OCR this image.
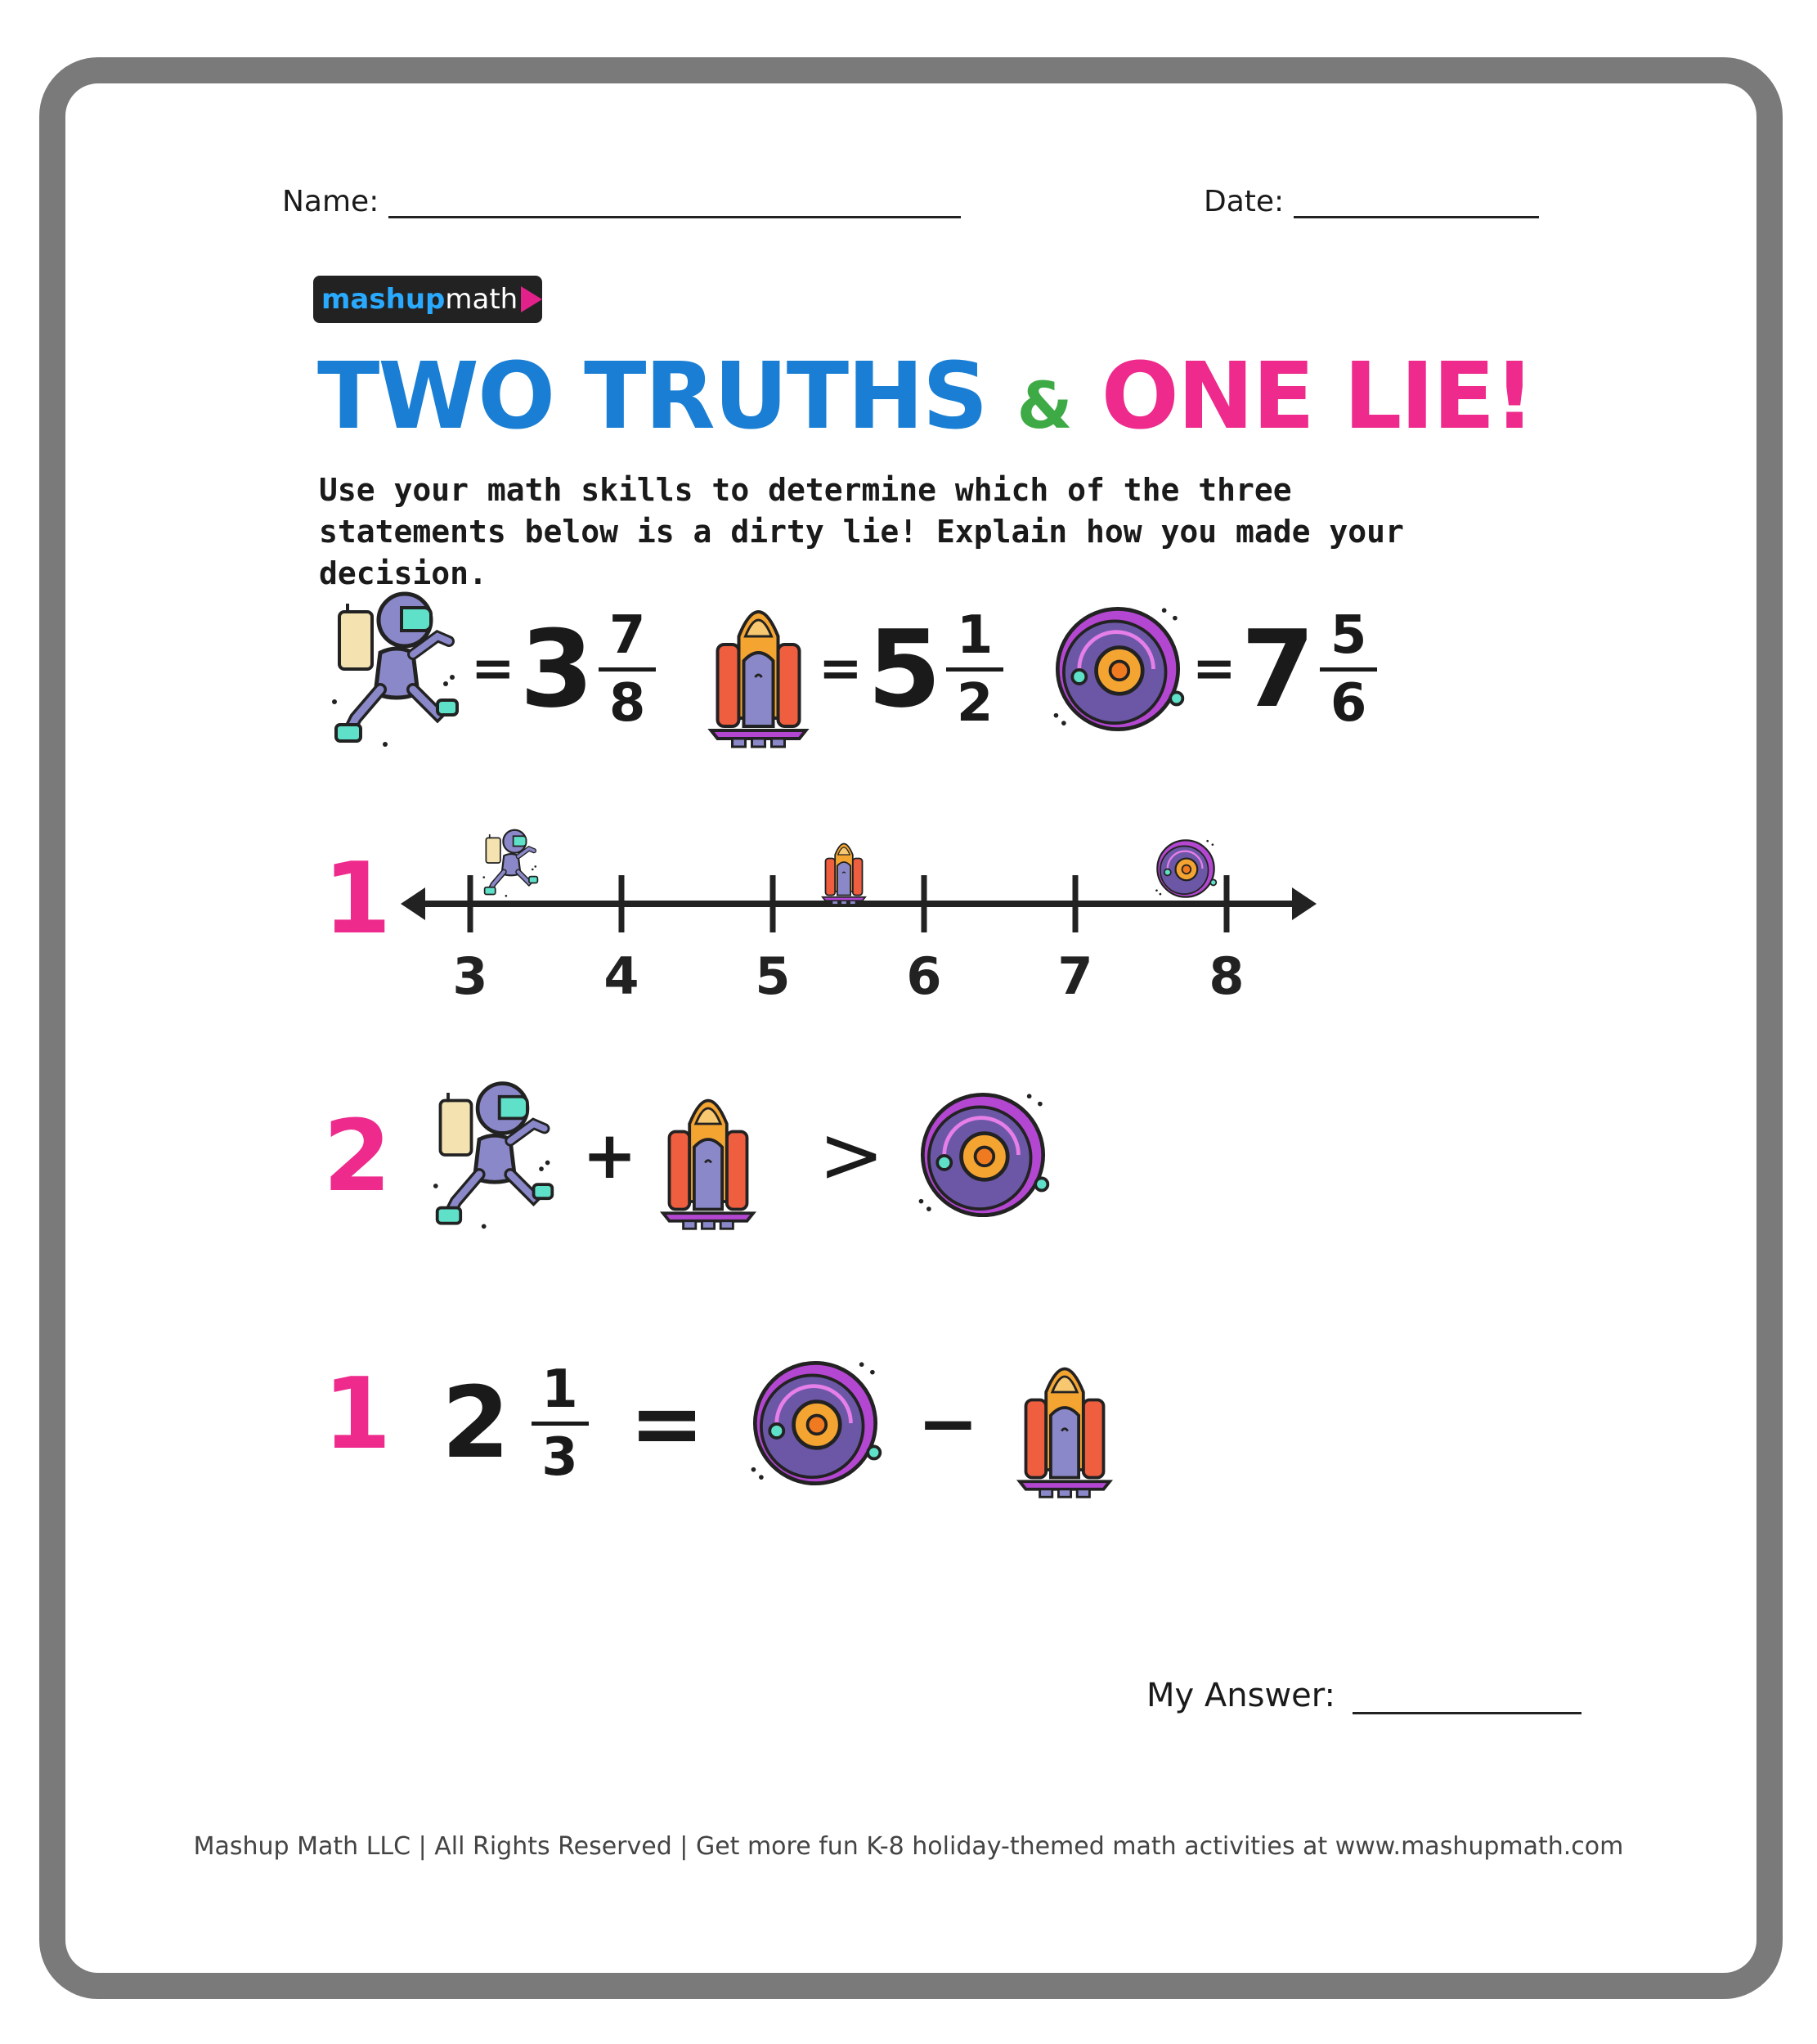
Name:	Date:
mashup math
TWO TRUTHS & ONE LIE!
Use your math skills to determine which of the three statements below is a dirty lie! Explain how you made your decision.
= 3 7
8
= 5 1
2
= 7 5
6
1
3 4 5 6 7 8
2	+ >
1 2 1
3 =	−
My Answer:
Mashup Math LLC | All Rights Reserved | Get more fun K-8 holiday-themed math activities at www.mashupmath.com
